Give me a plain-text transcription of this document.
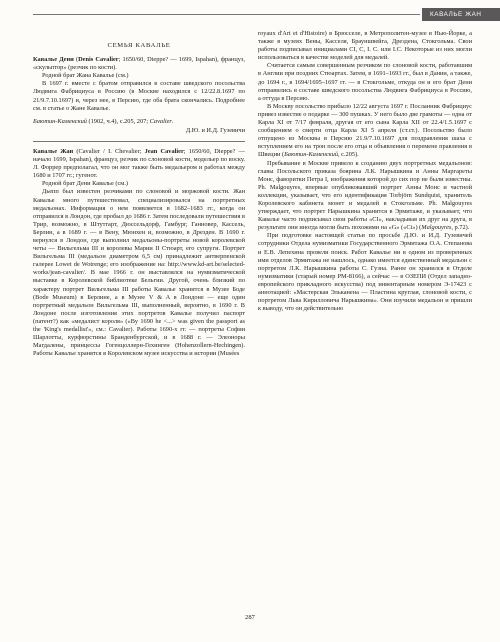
КАВАЛЬЕ ЖАН

СЕМЬЯ КАВАЛЬЕ

Кавалье Дени (Denis Cavalier; 1650/60, Dieppe? — 1699, Ispahan), француз, «скульптор» (резчик по кости).

Родной брат Жана Кавалье (см.)

В 1697 г. вместе с братом отправился в составе шведского посольства Людвига Фабрициуса в Россию (в Москве находился с 12/22.8.1697 по 21/9.7.10.1697) и, через нее, в Персию, где оба брата скончались. Подробнее см. в статье о Жане Кавалье.

Баютин-Каменский (1902, ч.4), с.205, 207; Cavalier.

Д.Ю. и И.Д. Гузевичи

Кавалье Жан (Cavalier / I. Chevalier; Jean Cavalier; 1650/60, Dieppe? — начало 1699, Ispahan), француз, резчик по слоновой кости, модельер по воску. Л. Форрер предполагал, что он мог также быть медальером и работал между 1680 и 1707 гг.; гугенот.

Родной брат Дени Кавалье (см.)

Дьепп был известен резчиками по слоновой и моржовой кости. Жан Кавалье много путешествовал, специализировался на портретных медальонах. Информация о нем появляется в 1682–1683 гг., когда он отправился в Лондон, где пробыл до 1686 г. Затем последовали путешествия в Трир, возможно, в Штутгарт, Дюссельдорф, Гамбург, Ганновер, Кассель, Берлин, а в 1689 г. — в Вену, Мюнхен и, возможно, в Дрезден. В 1690 г. вернулся в Лондон, где выполнил медальоны-портреты новой королевской четы — Вильгельма III и королевы Марии II Стюарт, его супруги. Портрет Вильгельма III (медальон диаметром 6,5 см) принадлежит антверпенской галерее Lowet de Wotrenge; его изображение на: http://www.kd-art.be/selected-works/jean-cavalier/. В мае 1966 г. он выставлялся на нумизматической выставке в Королевской библиотеке Бельгии. Другой, очень близкий по характеру портрет Вильгельма III работы Кавалье хранится в Музее Боде (Bode Museum) в Берлине, а в Музее V & A в Лондоне — еще один портретный медальон Вильгельма III, выполненный, вероятно, в 1690 г. В Лондоне после изготовления этих портретов Кавалье получил паспорт (патент?) как «медалист короля» («By 1690 he <...> was given the passport as the 'King's medallist'», см.: Cavalier). Работы 1690-х гг. — портреты Софии Шарлотты, курфюрстины Бранденбургской, и в 1688 г. — Элеоноры Магдалены, принцессы Гогенцоллерн-Гехинген (Hohenzollern-Hechingen). Работы Кавалье хранятся в Королевском музее искусства и истории (Musées

royaux d'Art et d'Histoire) в Брюсселе, в Метрополитен-музее в Нью-Йорке, а также в музеях Вены, Касселя, Брауншвейга, Дрездена, Стокгольма. Свои работы подписывал инициалами CI, C, I. C. или I.C. Некоторые из них могли использоваться в качестве моделей для медалей.

Считается самым совершенным резчиком по слоновой кости, работавшим в Англии при поздних Стюартах. Затем, в 1691–1693 гг., был в Дании, а также, до 1694 г., в 1694/1695–1697 гг. — в Стокгольме, откуда он и его брат Дени отправились в составе шведского посольства Людвига Фабрициуса в Россию, а оттуда в Персию.

В Москву посольство прибыло 12/22 августа 1697 г. Посланник Фабрициус привез известие о подарке — 300 пушках. У него было две грамоты — одна от Карла XI от 7/17 февраля, другая от его сына Карла XII от 22.4/1.5.1697 с сообщением о смерти отца Карла XI 5 апреля (ст.ст.). Посольство было отпущено из Москвы в Персию 21.9/7.10.1697 для поздравления шаха с вступлением его на трон после его отца и объявления о перемене правления в Швеции (Баютин-Каменский, с.205).

Пребывание в Москве привело к созданию двух портретных медальонов: главы Посольского приказа боярина Л.К. Нарышкина и Анны Маргареты Монс, фаворитки Петра I, изображения которой до сих пор не были известны. Ph. Malgouyres, впервые опубликовавший портрет Анны Монс и частной коллекции, указывает, что его идентификация Torbjörn Sundquist, хранитель Королевского кабинета монет и медалей в Стокгольме. Ph. Malgouyres утверждает, что портрет Нарышкина хранится в Эрмитаже, и указывает, что Кавалье часто подписывал свои работы «CI», накладывая их друг на друга, в результате они иногда могли быть похожими на «G» («Ci») (Malgouyres, p.72).

При подготовке настоящей статьи по просьбе Д.Ю. и И.Д. Гузевичей сотрудники Отдела нумизматики Государственного Эрмитажа О.А. Степанова и Е.В. Лепехина провели поиск. Работ Кавалье ни в одном из проверенных ими отделов Эрмитажа не нашлось, однако имеется единственный медальон с портретом Л.К. Нарышкина работы С. Гузна. Ранее он хранился в Отделе нумизматики (старый номер РМ-8166), а сейчас — в ОЗЕПИ (Отдел западно-европейского прикладного искусства) под инвентарным номером Э-17423 с аннотацией: «Мастерская Эльканена — Пластина круглая, слоновой кости, с портретом Льва Кирилловича Нарышкина». Они изучили медальон и пришли к выводу, что он действительно

287
